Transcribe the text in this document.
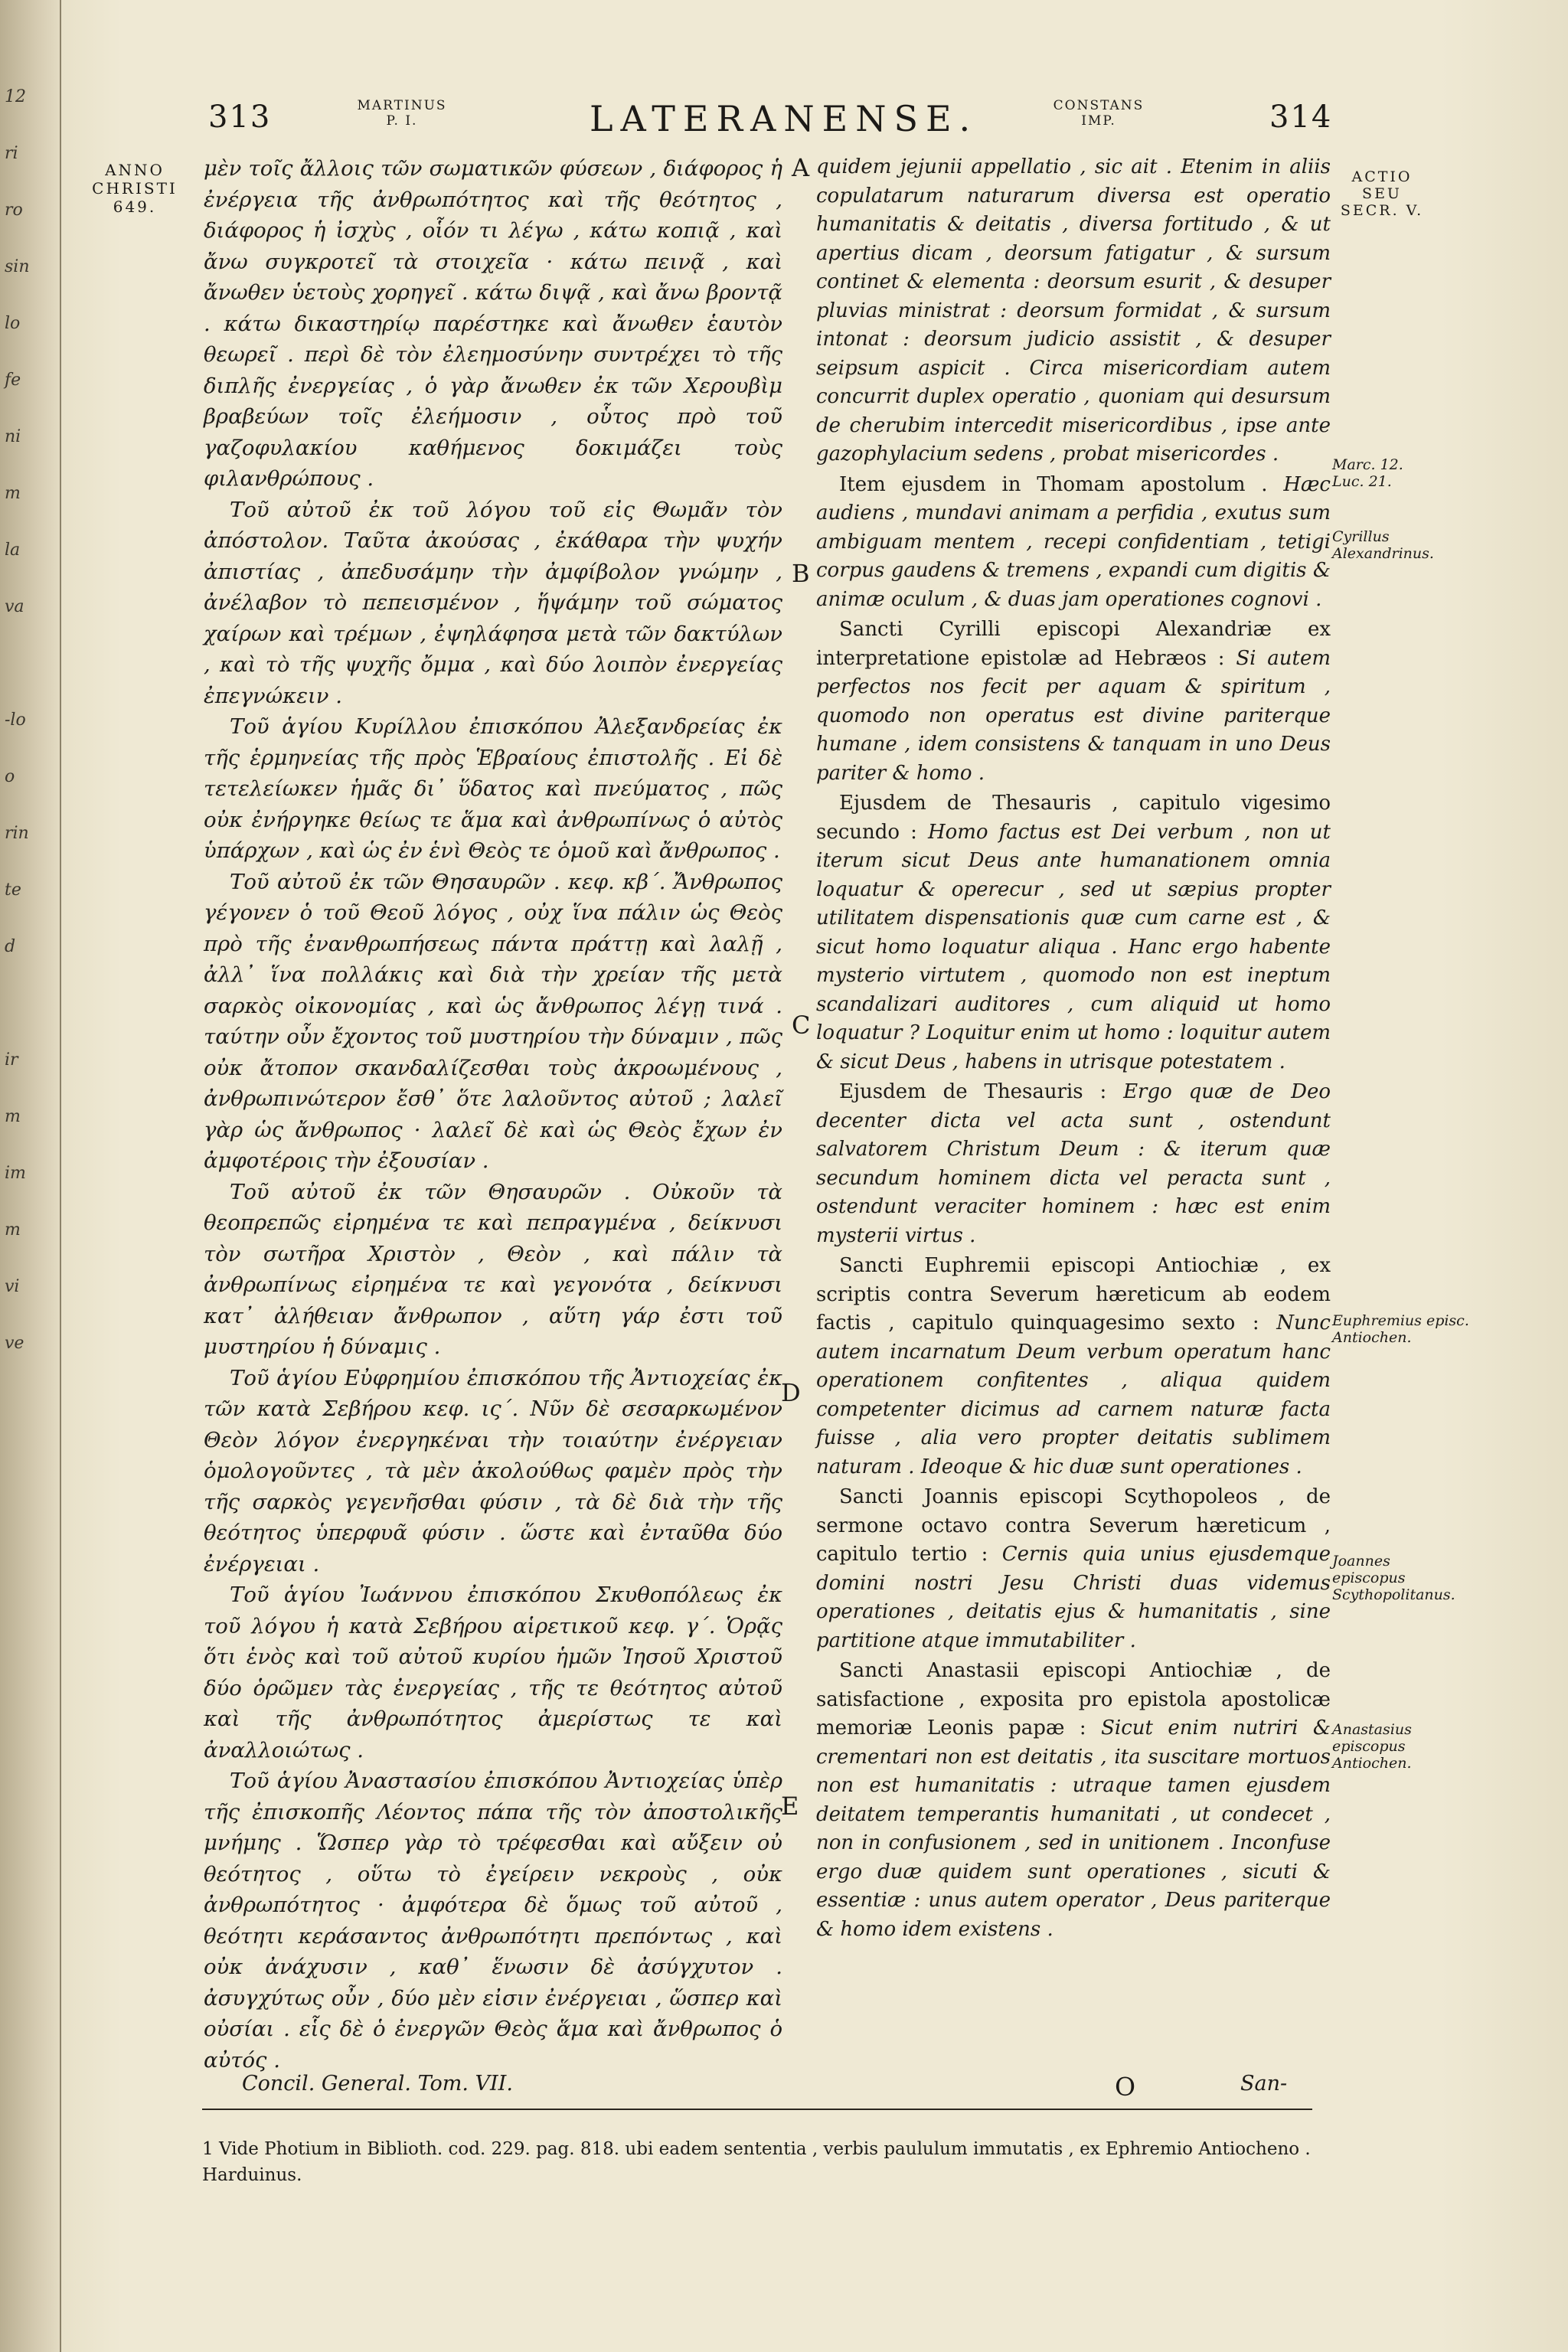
12
ri
ro
sin
lo
fe
ni
m
la
va

-lo
o
rin
te
d

ir
m
im
m
vi
ve
313	MARTINUS
P. I.	LATERANENSE.	CONSTANS
IMP.	314
ANNO
CHRISTI
649.

μὲν τοῖς ἄλλοις τῶν σωματικῶν φύσεων , διάφορος ἡ ἐνέργεια τῆς ἀνθρωπότητος καὶ τῆς θεότητος , διάφορος ἡ ἰσχὺς , οἷόν τι λέγω , κάτω κοπιᾷ , καὶ ἄνω συγκροτεῖ τὰ στοιχεῖα · κάτω πεινᾷ , καὶ ἄνωθεν ὑετοὺς χορηγεῖ . κάτω διψᾷ , καὶ ἄνω βροντᾷ . κάτω δικαστηρίῳ παρέστηκε καὶ ἄνωθεν ἑαυτὸν θεωρεῖ . περὶ δὲ τὸν ἐλεημοσύνην συντρέχει τὸ τῆς διπλῆς ἐνεργείας , ὁ γὰρ ἄνωθεν ἐκ τῶν Χερουβὶμ βραβεύων τοῖς ἐλεήμοσιν , οὗτος πρὸ τοῦ γαζοφυλακίου καθήμενος δοκιμάζει τοὺς φιλανθρώπους .

Τοῦ αὐτοῦ ἐκ τοῦ λόγου τοῦ εἰς Θωμᾶν τὸν ἀπόστολον. Ταῦτα ἀκούσας , ἐκάθαρα τὴν ψυχήν ἀπιστίας , ἀπεδυσάμην τὴν ἀμφίβολον γνώμην , ἀνέλαβον τὸ πεπεισμένον , ἥψάμην τοῦ σώματος χαίρων καὶ τρέμων , ἐψηλάφησα μετὰ τῶν δακτύλων , καὶ τὸ τῆς ψυχῆς ὄμμα , καὶ δύο λοιπὸν ἐνεργείας ἐπεγνώκειν .

Τοῦ ἁγίου Κυρίλλου ἐπισκόπου Ἀλεξανδρείας ἐκ τῆς ἑρμηνείας τῆς πρὸς Ἑβραίους ἐπιστολῆς . Εἰ δὲ τετελείωκεν ἡμᾶς δι᾽ ὕδατος καὶ πνεύματος , πῶς οὐκ ἐνήργηκε θείως τε ἅμα καὶ ἀνθρωπίνως ὁ αὐτὸς ὑπάρχων , καὶ ὡς ἐν ἑνὶ Θεὸς τε ὁμοῦ καὶ ἄνθρωπος .

Τοῦ αὐτοῦ ἐκ τῶν Θησαυρῶν . κεφ. κβ΄. Ἄνθρωπος γέγονεν ὁ τοῦ Θεοῦ λόγος , οὐχ ἵνα πάλιν ὡς Θεὸς πρὸ τῆς ἐνανθρωπήσεως πάντα πράττῃ καὶ λαλῇ , ἀλλ᾽ ἵνα πολλάκις καὶ διὰ τὴν χρείαν τῆς μετὰ σαρκὸς οἰκονομίας , καὶ ὡς ἄνθρωπος λέγῃ τινά . ταύτην οὖν ἔχοντος τοῦ μυστηρίου τὴν δύναμιν , πῶς οὐκ ἄτοπον σκανδαλίζεσθαι τοὺς ἀκροωμένους , ἀνθρωπινώτερον ἔσθ᾽ ὅτε λαλοῦντος αὐτοῦ ; λαλεῖ γὰρ ὡς ἄνθρωπος · λαλεῖ δὲ καὶ ὡς Θεὸς ἔχων ἐν ἀμφοτέροις τὴν ἐξουσίαν .

Τοῦ αὐτοῦ ἐκ τῶν Θησαυρῶν . Οὐκοῦν τὰ θεοπρεπῶς εἰρημένα τε καὶ πεπραγμένα , δείκνυσι τὸν σωτῆρα Χριστὸν , Θεὸν , καὶ πάλιν τὰ ἀνθρωπίνως εἰρημένα τε καὶ γεγονότα , δείκνυσι κατ᾽ ἀλήθειαν ἄνθρωπον , αὕτη γάρ ἐστι τοῦ μυστηρίου ἡ δύναμις .

Τοῦ ἁγίου Εὐφρημίου ἐπισκόπου τῆς Ἀντιοχείας ἐκ τῶν κατὰ Σεβήρου κεφ. ις΄. Νῦν δὲ σεσαρκωμένον Θεὸν λόγον ἐνεργηκέναι τὴν τοιαύτην ἐνέργειαν ὁμολογοῦντες , τὰ μὲν ἀκολούθως φαμὲν πρὸς τὴν τῆς σαρκὸς γεγενῆσθαι φύσιν , τὰ δὲ διὰ τὴν τῆς θεότητος ὑπερφυᾶ φύσιν . ὥστε καὶ ἐνταῦθα δύο ἐνέργειαι .

Τοῦ ἁγίου Ἰωάννου ἐπισκόπου Σκυθοπόλεως ἐκ τοῦ λόγου ἡ κατὰ Σεβήρου αἱρετικοῦ κεφ. γ΄. Ὁρᾷς ὅτι ἑνὸς καὶ τοῦ αὐτοῦ κυρίου ἡμῶν Ἰησοῦ Χριστοῦ δύο ὁρῶμεν τὰς ἐνεργείας , τῆς τε θεότητος αὐτοῦ καὶ τῆς ἀνθρωπότητος ἀμερίστως τε καὶ ἀναλλοιώτως .

Τοῦ ἁγίου Ἀναστασίου ἐπισκόπου Ἀντιοχείας ὑπὲρ τῆς ἐπισκοπῆς Λέοντος πάπα τῆς τὸν ἀποστολικῆς μνήμης . Ὥσπερ γὰρ τὸ τρέφεσθαι καὶ αὔξειν οὐ θεότητος , οὕτω τὸ ἐγείρειν νεκροὺς , οὐκ ἀνθρωπότητος · ἀμφότερα δὲ ὅμως τοῦ αὐτοῦ , θεότητι κεράσαντος ἀνθρωπότητι πρεπόντως , καὶ οὐκ ἀνάχυσιν , καθ᾽ ἕνωσιν δὲ ἀσύγχυτον . ἀσυγχύτως οὖν , δύο μὲν εἰσιν ἐνέργειαι , ὥσπερ καὶ οὐσίαι . εἷς δὲ ὁ ἐνεργῶν Θεὸς ἅμα καὶ ἄνθρωπος ὁ αὐτός .

A
B
C
D
E

quidem jejunii appellatio , sic ait . Etenim in aliis copulatarum naturarum diversa est operatio humanitatis & deitatis , diversa fortitudo , & ut apertius dicam , deorsum fatigatur , & sursum continet & elementa : deorsum esurit , & desuper pluvias ministrat : deorsum formidat , & sursum intonat : deorsum judicio assistit , & desuper seipsum aspicit . Circa misericordiam autem concurrit duplex operatio , quoniam qui desursum de cherubim intercedit misericordibus , ipse ante gazophylacium sedens , probat misericordes .

Item ejusdem in Thomam apostolum . Hæc audiens , mundavi animam a perfidia , exutus sum ambiguam mentem , recepi confidentiam , tetigi corpus gaudens & tremens , expandi cum digitis & animæ oculum , & duas jam operationes cognovi .

Sancti Cyrilli episcopi Alexandriæ ex interpretatione epistolæ ad Hebræos : Si autem perfectos nos fecit per aquam & spiritum , quomodo non operatus est divine pariterque humane , idem consistens & tanquam in uno Deus pariter & homo .

Ejusdem de Thesauris , capitulo vigesimo secundo : Homo factus est Dei verbum , non ut iterum sicut Deus ante humanationem omnia loquatur & operecur , sed ut sæpius propter utilitatem dispensationis quæ cum carne est , & sicut homo loquatur aliqua . Hanc ergo habente mysterio virtutem , quomodo non est ineptum scandalizari auditores , cum aliquid ut homo loquatur ? Loquitur enim ut homo : loquitur autem & sicut Deus , habens in utrisque potestatem .

Ejusdem de Thesauris : Ergo quæ de Deo decenter dicta vel acta sunt , ostendunt salvatorem Christum Deum : & iterum quæ secundum hominem dicta vel peracta sunt , ostendunt veraciter hominem : hæc est enim mysterii virtus .

Sancti Euphremii episcopi Antiochiæ , ex scriptis contra Severum hæreticum ab eodem factis , capitulo quinquagesimo sexto : Nunc autem incarnatum Deum verbum operatum hanc operationem confitentes , aliqua quidem competenter dicimus ad carnem naturæ facta fuisse , alia vero propter deitatis sublimem naturam . Ideoque & hic duæ sunt operationes .

Sancti Joannis episcopi Scythopoleos , de sermone octavo contra Severum hæreticum , capitulo tertio : Cernis quia unius ejusdemque domini nostri Jesu Christi duas videmus operationes , deitatis ejus & humanitatis , sine partitione atque immutabiliter .

Sancti Anastasii episcopi Antiochiæ , de satisfactione , exposita pro epistola apostolicæ memoriæ Leonis papæ : Sicut enim nutriri & crementari non est deitatis , ita suscitare mortuos non est humanitatis : utraque tamen ejusdem deitatem temperantis humanitati , ut condecet , non in confusionem , sed in unitionem . Inconfuse ergo duæ quidem sunt operationes , sicuti & essentiæ : unus autem operator , Deus pariterque & homo idem existens .

ACTIO
SEU
SECR. V.
Marc. 12.
Luc. 21.
Cyrillus
Alexandrinus.
Euphremius episc.
Antiochen.
Joannes
episcopus
Scythopolitanus.
Anastasius
episcopus
Antiochen.
Concil. General. Tom. VII.	O	San-
1 Vide Photium in Biblioth. cod. 229. pag. 818. ubi eadem sententia , verbis paululum immutatis , ex Ephremio Antiocheno . Harduinus.
